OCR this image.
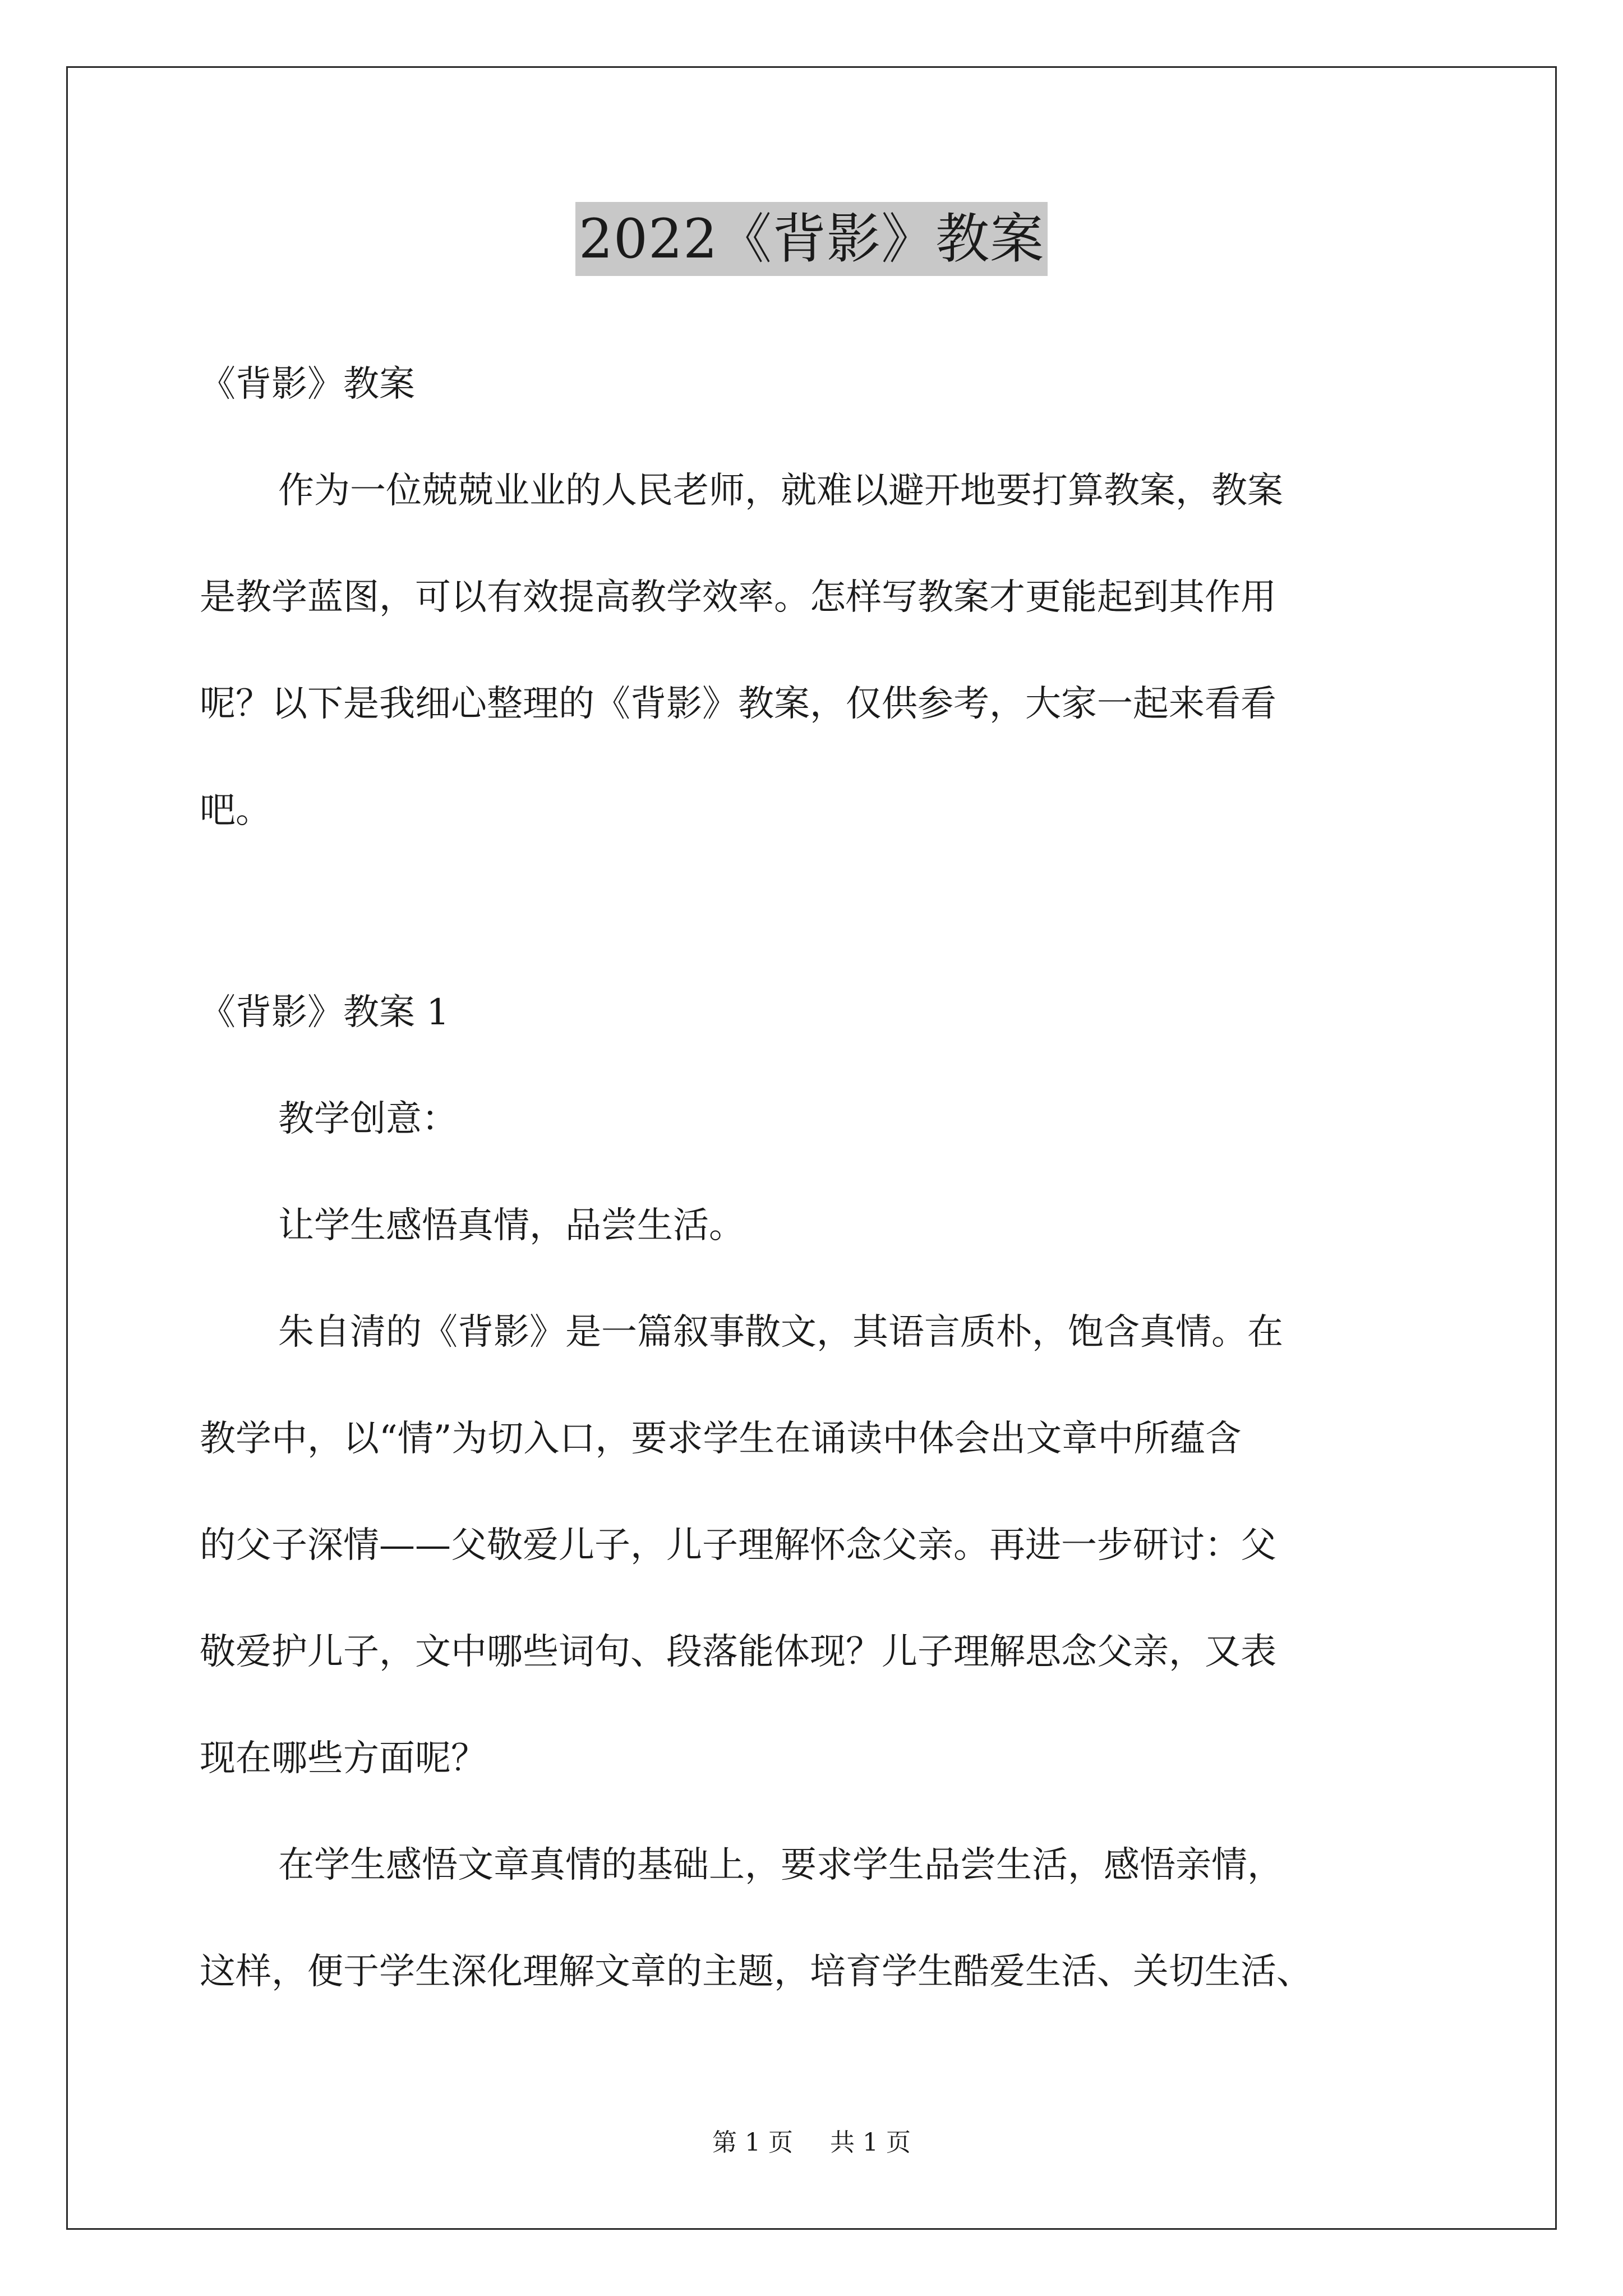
2022《背影》教案

《背影》教案

作为一位兢兢业业的人民老师，就难以避开地要打算教案，教案

是教学蓝图，可以有效提高教学效率。怎样写教案才更能起到其作用

呢？以下是我细心整理的《背影》教案，仅供参考，大家一起来看看

吧。

《背影》教案 1

教学创意：

让学生感悟真情，品尝生活。

朱自清的《背影》是一篇叙事散文，其语言质朴，饱含真情。在

教学中，以“情”为切入口，要求学生在诵读中体会出文章中所蕴含

的父子深情——父敬爱儿子，儿子理解怀念父亲。再进一步研讨：父

敬爱护儿子，文中哪些词句、段落能体现？儿子理解思念父亲，又表

现在哪些方面呢？

在学生感悟文章真情的基础上，要求学生品尝生活，感悟亲情，

这样，便于学生深化理解文章的主题，培育学生酷爱生活、关切生活、

第 1 页 共 1 页
